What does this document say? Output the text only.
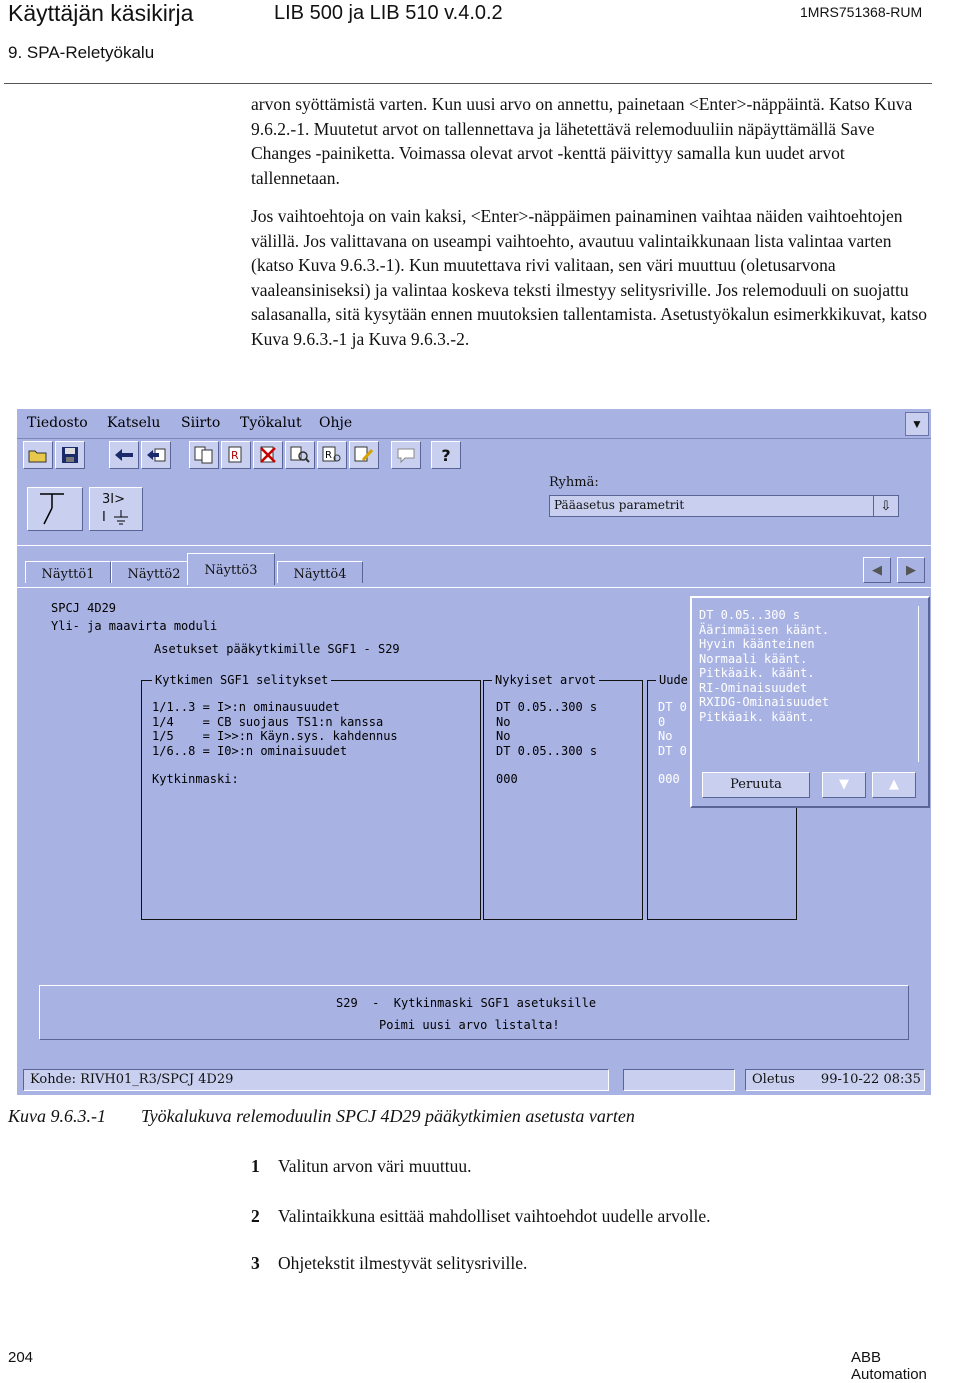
Käyttäjän käsikirja	LIB 500 ja LIB 510 v.4.0.2	1MRS751368-RUM
9. SPA-Reletyökalu
arvon syöttämistä varten. Kun uusi arvo on annettu, painetaan <Enter>-näppäintä. Katso Kuva 9.6.2.-1. Muutetut arvot on tallennettava ja lähetettävä relemoduuliin näpäyttämällä Save Changes -painiketta. Voimassa olevat arvot -kenttä päivittyy samalla kun uudet arvot tallennetaan.
Jos vaihtoehtoja on vain kaksi, <Enter>-näppäimen painaminen vaihtaa näiden vaihtoehtojen välillä. Jos valittavana on useampi vaihtoehto, avautuu valintaikkunaan lista valintaa varten (katso Kuva 9.6.3.-1). Kun muutettava rivi valitaan, sen väri muuttuu (oletusarvona vaaleansiniseksi) ja valintaa koskeva teksti ilmestyy selitysriville. Jos relemoduuli on suojattu salasanalla, sitä kysytään ennen muutoksien tallentamista. Asetustyökalun esimerkkikuvat, katso Kuva 9.6.3.-1 ja Kuva 9.6.3.-2.
Tiedosto Katselu Siirto Työkalut Ohje	▼
R	R	?
3I>
I
Ryhmä:
Pääasetus parametrit	⇩
Näyttö1	Näyttö2	Näyttö3	Näyttö4	◀	▶
SPCJ 4D29
Yli- ja maavirta moduli
Asetukset pääkytkimille SGF1 - S29
Kytkimen SGF1 selitykset
1/1..3 = I>:n ominausuudet
1/4    = CB suojaus TS1:n kanssa
1/5    = I>>:n Käyn.sys. kahdennus
1/6..8 = I0>:n ominaisuudet
Kytkinmaski:
Nykyiset arvot
DT 0.05..300 s
No
No
DT 0.05..300 s
000
Uude
DT 0
0
No
DT 0
000
S29  -  Kytkinmaski SGF1 asetuksille
Poimi uusi arvo listalta!
DT 0.05..300 s
Äärimmäisen käänt.
Hyvin käänteinen
Normaali käänt.
Pitkäaik. käänt.
RI-Ominaisuudet
RXIDG-Ominaisuudet
Pitkäaik. käänt.
Peruuta	▼	▲
Kohde: RIVH01_R3/SPCJ 4D29	Oletus 99-10-22 08:35
Kuva 9.6.3.-1 Työkalukuva relemoduulin SPCJ 4D29 pääkytkimien asetusta varten
1 Valitun arvon väri muuttuu.
2 Valintaikkuna esittää mahdolliset vaihtoehdot uudelle arvolle.
3 Ohjetekstit ilmestyvät selitysriville.
204	ABB Automation
